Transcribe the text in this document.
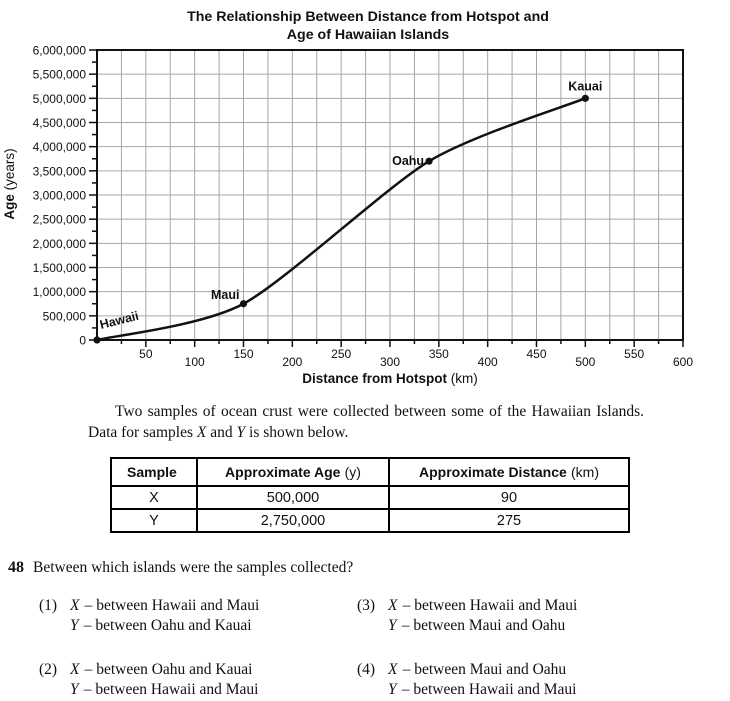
50
100
150
200
250
300
350
400
450
500
550
600
0
500,000
1,000,000
1,500,000
2,000,000
2,500,000
3,000,000
3,500,000
4,000,000
4,500,000
5,000,000
5,500,000
6,000,000
Distance from Hotspot (km)
Age (years)
The Relationship Between Distance from Hotspot and
Age of Hawaiian Islands
Hawaii
Maui
Oahu
Kauai

Two samples of ocean crust were collected between some of the Hawaiian Islands. Data for samples X and Y is shown below.

Sample	Approximate Age (y)	Approximate Distance (km)
X	500,000	90
Y	2,750,000	275
48 Between which islands were the samples collected?
(1) X – between Hawaii and Maui
Y – between Oahu and Kauai
(2) X – between Oahu and Kauai
Y – between Hawaii and Maui
(3) X – between Hawaii and Maui
Y – between Maui and Oahu
(4) X – between Maui and Oahu
Y – between Hawaii and Maui
